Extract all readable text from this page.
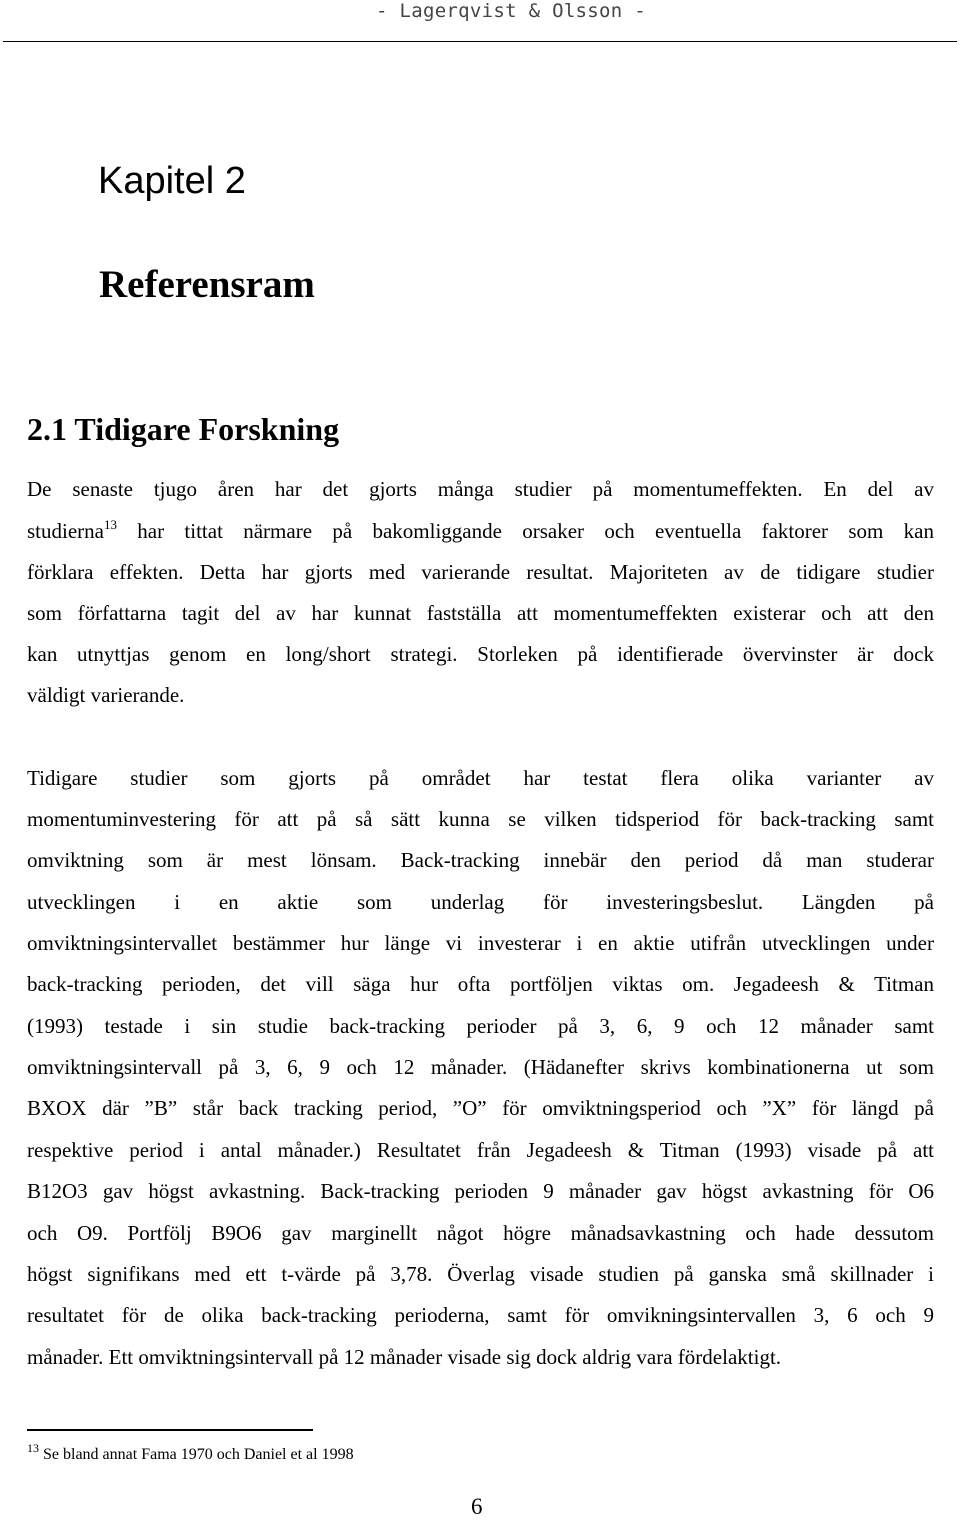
- Lagerqvist & Olsson -
Kapitel 2
Referensram
2.1 Tidigare Forskning
De senaste tjugo åren har det gjorts många studier på momentumeffekten. En del av
studierna$^{13}$ har tittat närmare på bakomliggande orsaker och eventuella faktorer som kan
förklara effekten. Detta har gjorts med varierande resultat. Majoriteten av de tidigare studier
som författarna tagit del av har kunnat fastställa att momentumeffekten existerar och att den
kan utnyttjas genom en long/short strategi. Storleken på identifierade övervinster är dock
väldigt varierande.
Tidigare studier som gjorts på området har testat flera olika varianter av
momentuminvestering för att på så sätt kunna se vilken tidsperiod för back-tracking samt
omviktning som är mest lönsam. Back-tracking innebär den period då man studerar
utvecklingen i en aktie som underlag för investeringsbeslut. Längden på
omviktningsintervallet bestämmer hur länge vi investerar i en aktie utifrån utvecklingen under
back-tracking perioden, det vill säga hur ofta portföljen viktas om. Jegadeesh & Titman
(1993) testade i sin studie back-tracking perioder på 3, 6, 9 och 12 månader samt
omviktningsintervall på 3, 6, 9 och 12 månader. (Hädanefter skrivs kombinationerna ut som
BXOX där ”B” står back tracking period, ”O” för omviktningsperiod och ”X” för längd på
respektive period i antal månader.) Resultatet från Jegadeesh & Titman (1993) visade på att
B12O3 gav högst avkastning. Back-tracking perioden 9 månader gav högst avkastning för O6
och O9. Portfölj B9O6 gav marginellt något högre månadsavkastning och hade dessutom
högst signifikans med ett t-värde på 3,78. Överlag visade studien på ganska små skillnader i
resultatet för de olika back-tracking perioderna, samt för omvikningsintervallen 3, 6 och 9
månader. Ett omviktningsintervall på 12 månader visade sig dock aldrig vara fördelaktigt.
$^{13}$ Se bland annat Fama 1970 och Daniel et al 1998
6
